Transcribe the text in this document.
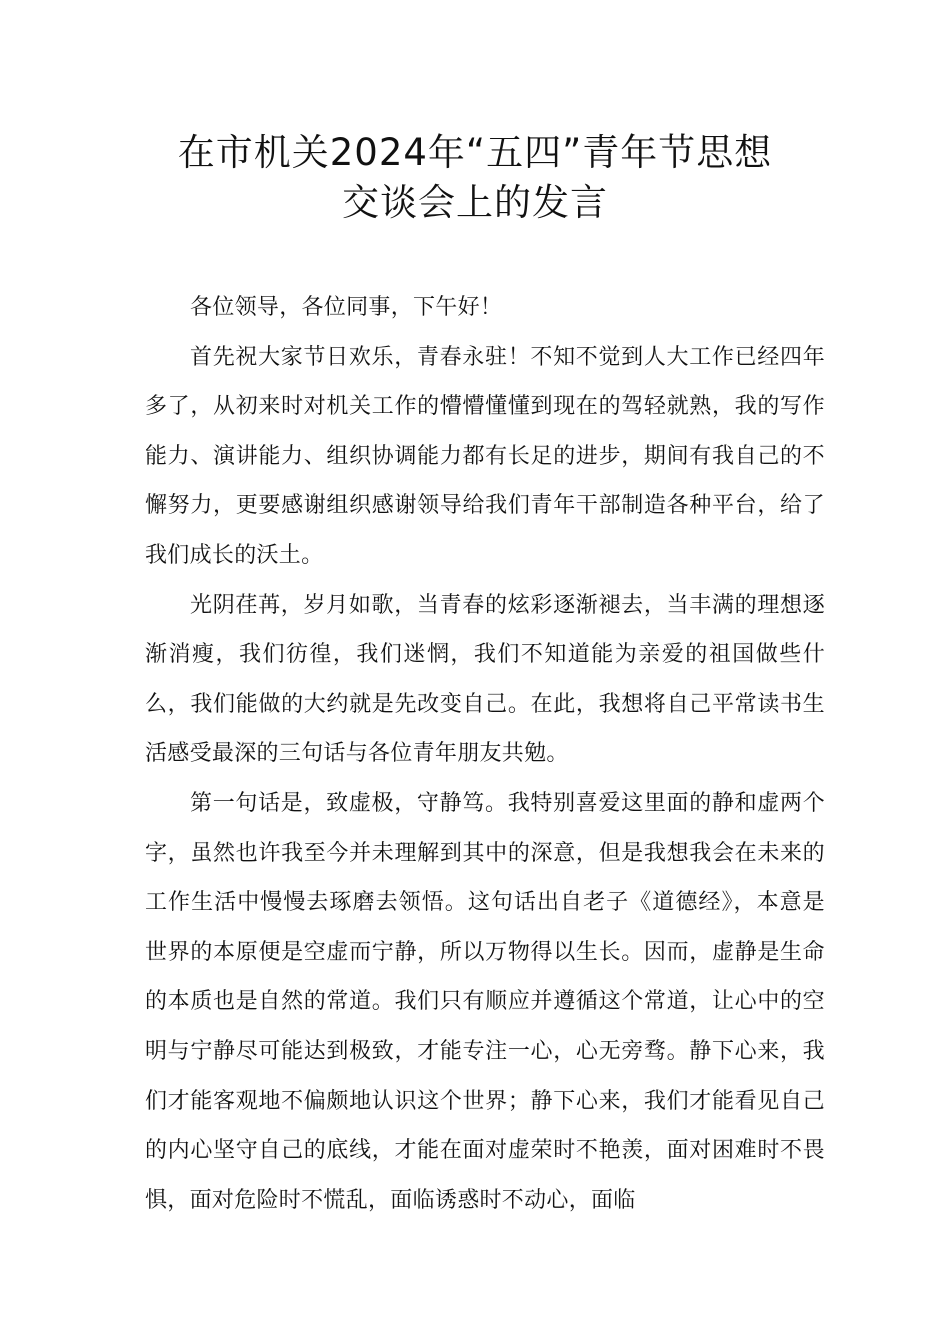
在市机关2024年“五四”青年节思想
交谈会上的发言

各位领导，各位同事，下午好！

首先祝大家节日欢乐，青春永驻！不知不觉到人大工作已经四年多了，从初来时对机关工作的懵懵懂懂到现在的驾轻就熟，我的写作能力、演讲能力、组织协调能力都有长足的进步，期间有我自己的不懈努力，更要感谢组织感谢领导给我们青年干部制造各种平台，给了我们成长的沃土。

光阴荏苒，岁月如歌，当青春的炫彩逐渐褪去，当丰满的理想逐渐消瘦，我们彷徨，我们迷惘，我们不知道能为亲爱的祖国做些什么，我们能做的大约就是先改变自己。在此，我想将自己平常读书生活感受最深的三句话与各位青年朋友共勉。

第一句话是，致虚极，守静笃。我特别喜爱这里面的静和虚两个字，虽然也许我至今并未理解到其中的深意，但是我想我会在未来的工作生活中慢慢去琢磨去领悟。这句话出自老子《道德经》，本意是世界的本原便是空虚而宁静，所以万物得以生长。因而，虚静是生命的本质也是自然的常道。我们只有顺应并遵循这个常道，让心中的空明与宁静尽可能达到极致，才能专注一心，心无旁骛。静下心来，我们才能客观地不偏颇地认识这个世界；静下心来，我们才能看见自己的内心坚守自己的底线，才能在面对虚荣时不艳羡，面对困难时不畏惧，面对危险时不慌乱，面临诱惑时不动心，面临
